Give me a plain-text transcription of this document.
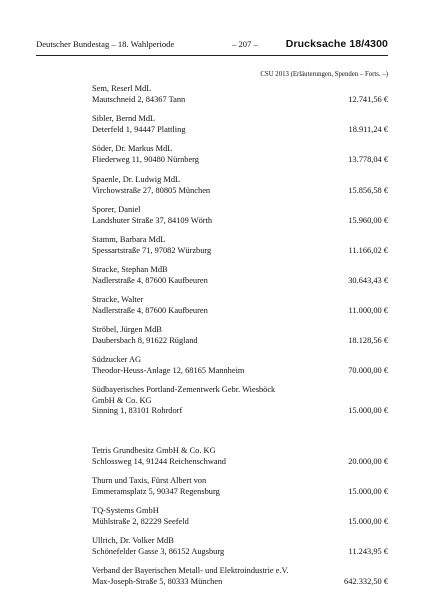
Deutscher Bundestag – 18. Wahlperiode	– 207 –	Drucksache 18/4300
CSU 2013 (Erläuterungen, Spenden – Forts. –)
Sem, Reserl MdL
Mautschneid 2, 84367 Tann	12.741,56 €
Sibler, Bernd MdL
Deterfeld 1, 94447 Plattling	18.911,24 €
Söder, Dr. Markus MdL
Fliederweg 11, 90480 Nürnberg	13.778,04 €
Spaenle, Dr. Ludwig MdL
Virchowstraße 27, 80805 München	15.856,58 €
Sporer, Daniel
Landshuter Straße 37, 84109 Wörth	15.960,00 €
Stamm, Barbara MdL
Spessartstraße 71, 97082 Würzburg	11.166,02 €
Stracke, Stephan MdB
Nadlerstraße 4, 87600 Kaufbeuren	30.643,43 €
Stracke, Walter
Nadlerstraße 4, 87600 Kaufbeuren	11.000,00 €
Ströbel, Jürgen MdB
Daubersbach 8, 91622 Rügland	18.128,56 €
Südzucker AG
Theodor-Heuss-Anlage 12, 68165 Mannheim	70.000,00 €
Südbayerisches Portland-Zementwerk Gebr. Wiesböck
GmbH & Co. KG
Sinning 1, 83101 Rohrdorf	15.000,00 €
Tetris Grundbesitz GmbH & Co. KG
Schlossweg 14, 91244 Reichenschwand	20.000,00 €
Thurn und Taxis, Fürst Albert von
Emmeramsplatz 5, 90347 Regensburg	15.000,00 €
TQ-Systems GmbH
Mühlstraße 2, 82229 Seefeld	15.000,00 €
Ullrich, Dr. Volker MdB
Schönefelder Gasse 3, 86152 Augsburg	11.243,95 €
Verband der Bayerischen Metall- und Elektroindustrie e.V.
Max-Joseph-Straße 5, 80333 München	642.332,50 €
